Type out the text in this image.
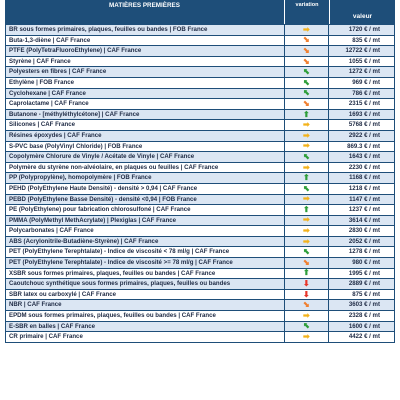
MATIÈRES PREMIÈRES	variation
valeur
BR sous formes primaires, plaques, feuilles ou bandes | FOB France	➡	1720 € / mt
Buta-1,3-diène | CAF France	⬊	835 € / mt
PTFE (PolyTetraFluoroEthylene) | CAF France	⬊	12722 € / mt
Styrène | CAF France	⬊	1055 € / mt
Polyesters en fibres | CAF France	⬉	1272 € / mt
Ethylène | FOB France	⬉	969 € / mt
Cyclohexane | CAF France	⬉	786 € / mt
Caprolactame | CAF France	⬊	2315 € / mt
Butanone - [méthyléthylcétone] | CAF France	⬆	1693 € / mt
Silicones | CAF France	➡	5768 € / mt
Résines époxydes | CAF France	➡	2922 € / mt
S-PVC base (PolyVinyl Chloride) | FOB France	➡	869.3 € / mt
Copolymère Chlorure de Vinyle / Acétate de Vinyle | CAF France	⬉	1643 € / mt
Polymère du styrène non-alvéolaire, en plaques ou feuilles | CAF France	➡	2230 € / mt
PP (Polypropylène), homopolymère | FOB France	⬆	1168 € / mt
PEHD (PolyEthylene Haute Densité) - densité > 0,94 | CAF France	⬉	1218 € / mt
PEBD (PolyEthylene Basse Densité) - densité <0,94 | FOB France	➡	1147 € / mt
PE (PolyEthylene) pour fabrication chlorosulfoné | CAF France	⬆	1237 € / mt
PMMA (PolyMethyl MethAcrylate) | Plexiglas | CAF France	➡	3614 € / mt
Polycarbonates | CAF France	➡	2830 € / mt
ABS (Acrylonitrile-Butadiène-Styrène) | CAF France	➡	2052 € / mt
PET (PolyEthylene Terephtalate) - Indice de viscosité < 78 ml/g | CAF France	⬉	1278 € / mt
PET (PolyEthylene Terephtalate) - Indice de viscosité >= 78 ml/g | CAF France	⬊	980 € / mt
XSBR sous formes primaires, plaques, feuilles ou bandes | CAF France	⬆	1995 € / mt
Caoutchouc synthétique sous formes primaires, plaques, feuilles ou bandes	⬇	2889 € / mt
SBR latex ou carboxylé | CAF France	⬇	875 € / mt
NBR | CAF France	⬊	3603 € / mt
EPDM sous formes primaires, plaques, feuilles ou bandes | CAF France	➡	2328 € / mt
E-SBR en balles | CAF France	⬉	1600 € / mt
CR primaire | CAF France	➡	4422 € / mt
